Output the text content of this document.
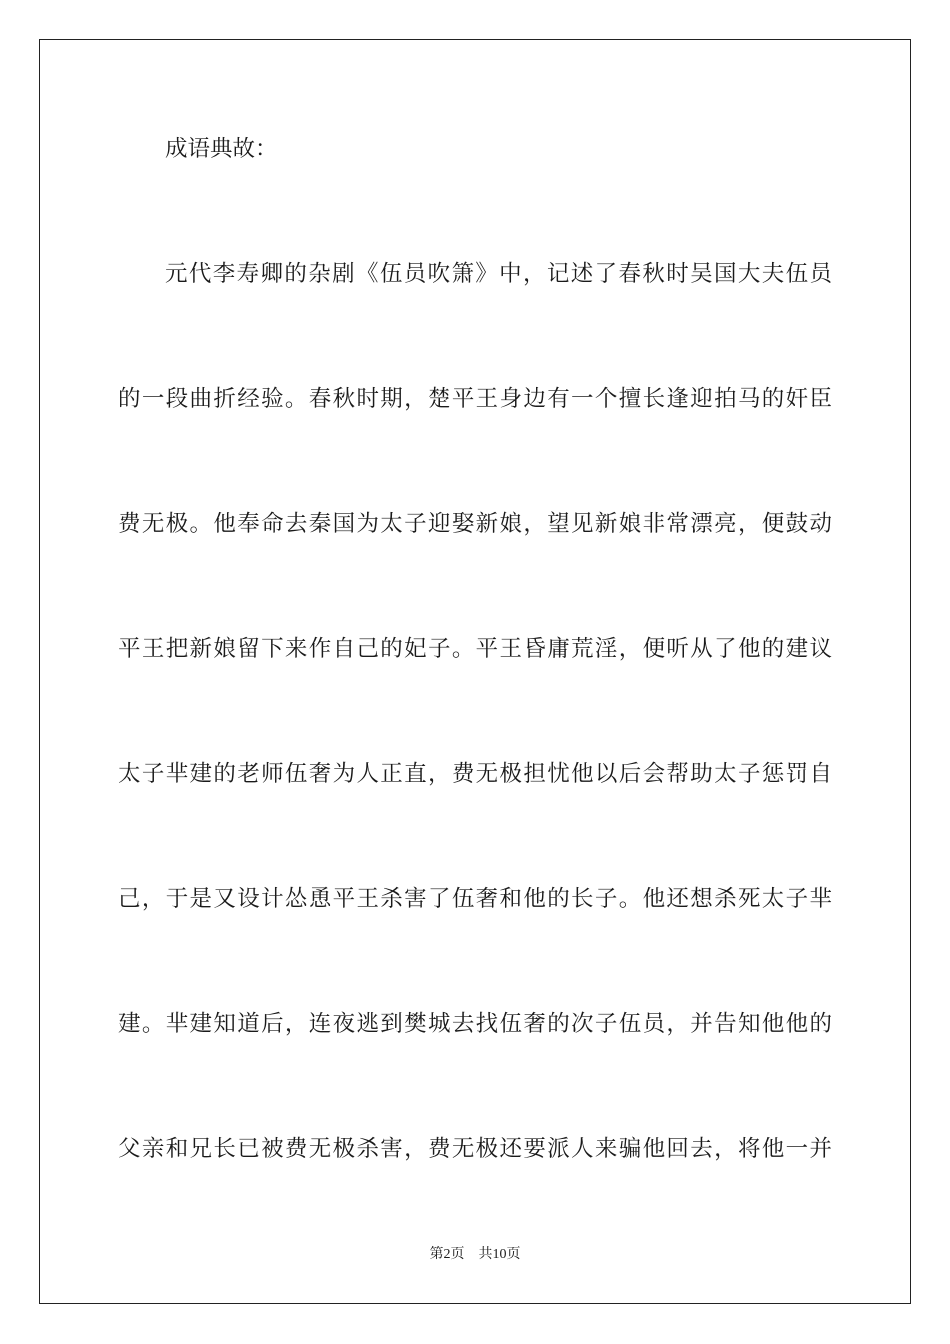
成语典故：
元代李寿卿的杂剧《伍员吹箫》中，记述了春秋时吴国大夫伍员
的一段曲折经验。春秋时期，楚平王身边有一个擅长逢迎拍马的奸臣
费无极。他奉命去秦国为太子迎娶新娘，望见新娘非常漂亮，便鼓动
平王把新娘留下来作自己的妃子。平王昏庸荒淫，便听从了他的建议
太子芈建的老师伍奢为人正直，费无极担忧他以后会帮助太子惩罚自
己，于是又设计怂恿平王杀害了伍奢和他的长子。他还想杀死太子芈
建。芈建知道后，连夜逃到樊城去找伍奢的次子伍员，并告知他他的
父亲和兄长已被费无极杀害，费无极还要派人来骗他回去，将他一并
第2页 共10页
